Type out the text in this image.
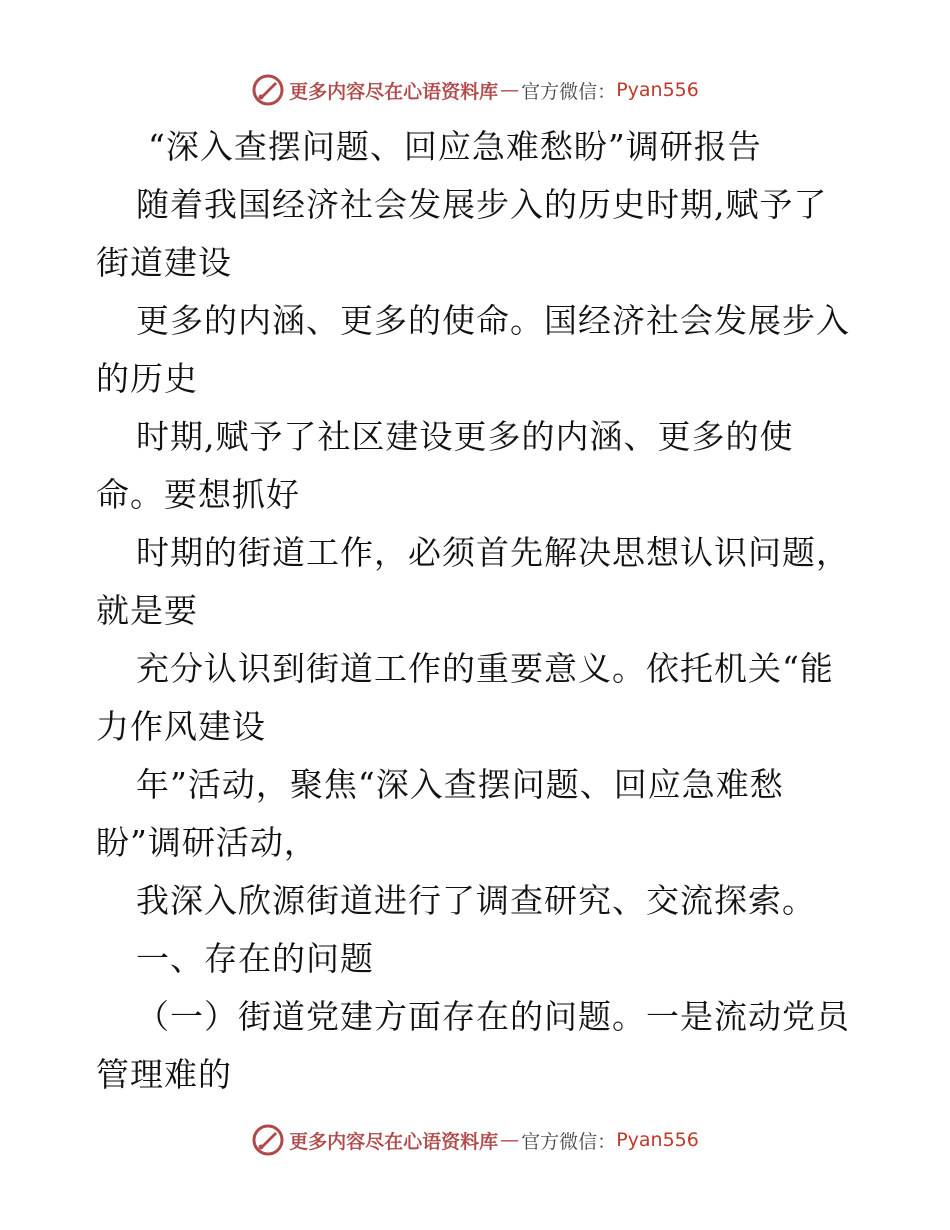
更多内容尽在心语资料库 — 官方微信： Pyan556
“深入查摆问题、回应急难愁盼”调研报告
随着我国经济社会发展步入的历史时期,赋予了
街道建设
更多的内涵、更多的使命。国经济社会发展步入
的历史
时期,赋予了社区建设更多的内涵、更多的使
命。要想抓好
时期的街道工作，必须首先解决思想认识问题，
就是要
充分认识到街道工作的重要意义。依托机关“能
力作风建设
年”活动，聚焦“深入查摆问题、回应急难愁
盼”调研活动，
我深入欣源街道进行了调查研究、交流探索。
一、存在的问题
（一）街道党建方面存在的问题。一是流动党员
管理难的
更多内容尽在心语资料库 — 官方微信： Pyan556
